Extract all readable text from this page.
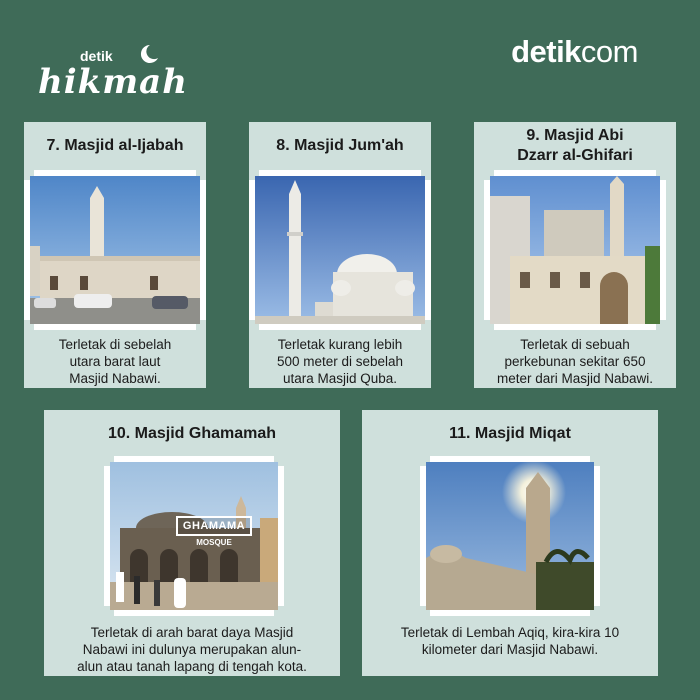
detik
hikmah
detikcom
7. Masjid al-Ijabah
Terletak di sebelah
utara barat laut
Masjid Nabawi.
8. Masjid Jum'ah
Terletak kurang lebih
500 meter di sebelah
utara Masjid Quba.
9. Masjid Abi
Dzarr al-Ghifari
Terletak di sebuah
perkebunan sekitar 650
meter dari Masjid Nabawi.
10. Masjid Ghamamah
GHAMAMA
MOSQUE
Terletak di arah barat daya Masjid
Nabawi ini dulunya merupakan alun-
alun atau tanah lapang di tengah kota.
11. Masjid Miqat
Terletak di Lembah Aqiq, kira-kira 10
kilometer dari Masjid Nabawi.
